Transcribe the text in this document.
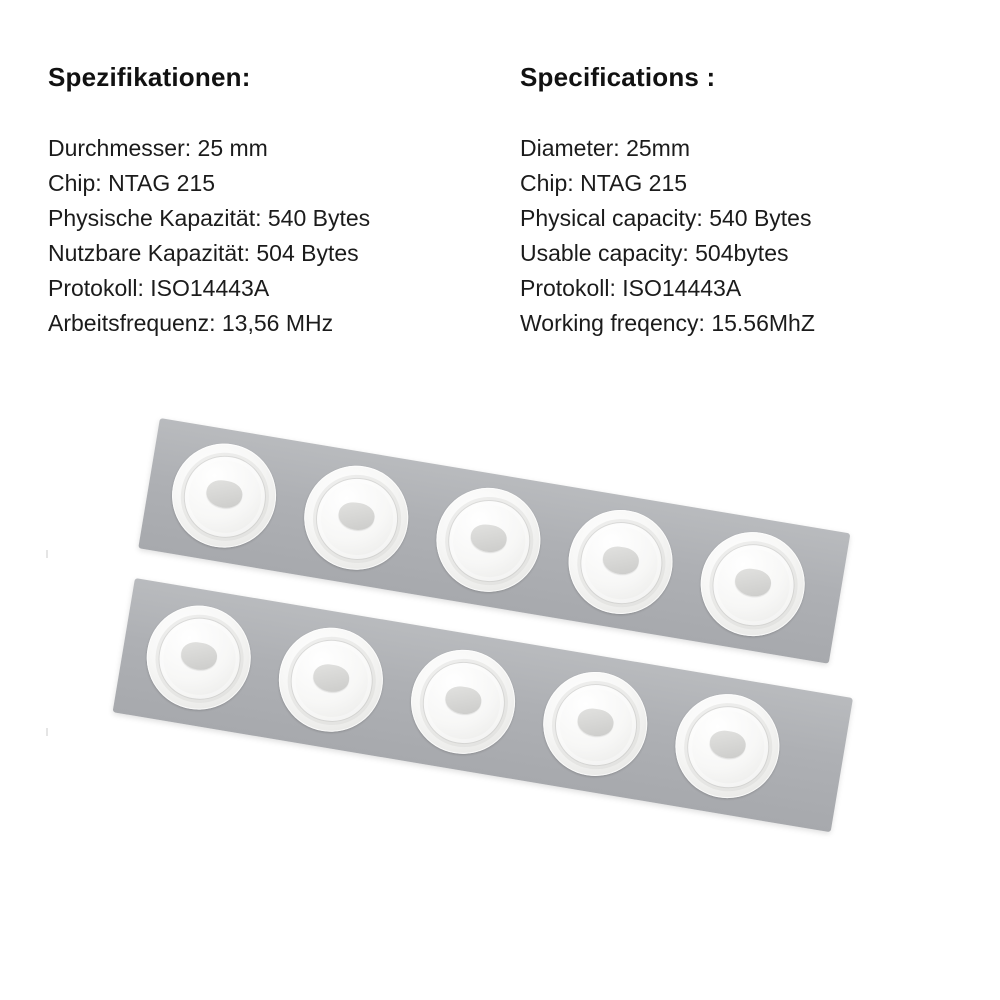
Spezifikationen:
Durchmesser: 25 mm
Chip: NTAG 215
Physische Kapazität: 540 Bytes
Nutzbare Kapazität: 504 Bytes
Protokoll: ISO14443A
Arbeitsfrequenz: 13,56 MHz
Specifications :
Diameter: 25mm
Chip: NTAG 215
Physical capacity: 540 Bytes
Usable capacity: 504bytes
Protokoll: ISO14443A
Working freqency: 15.56MhZ
